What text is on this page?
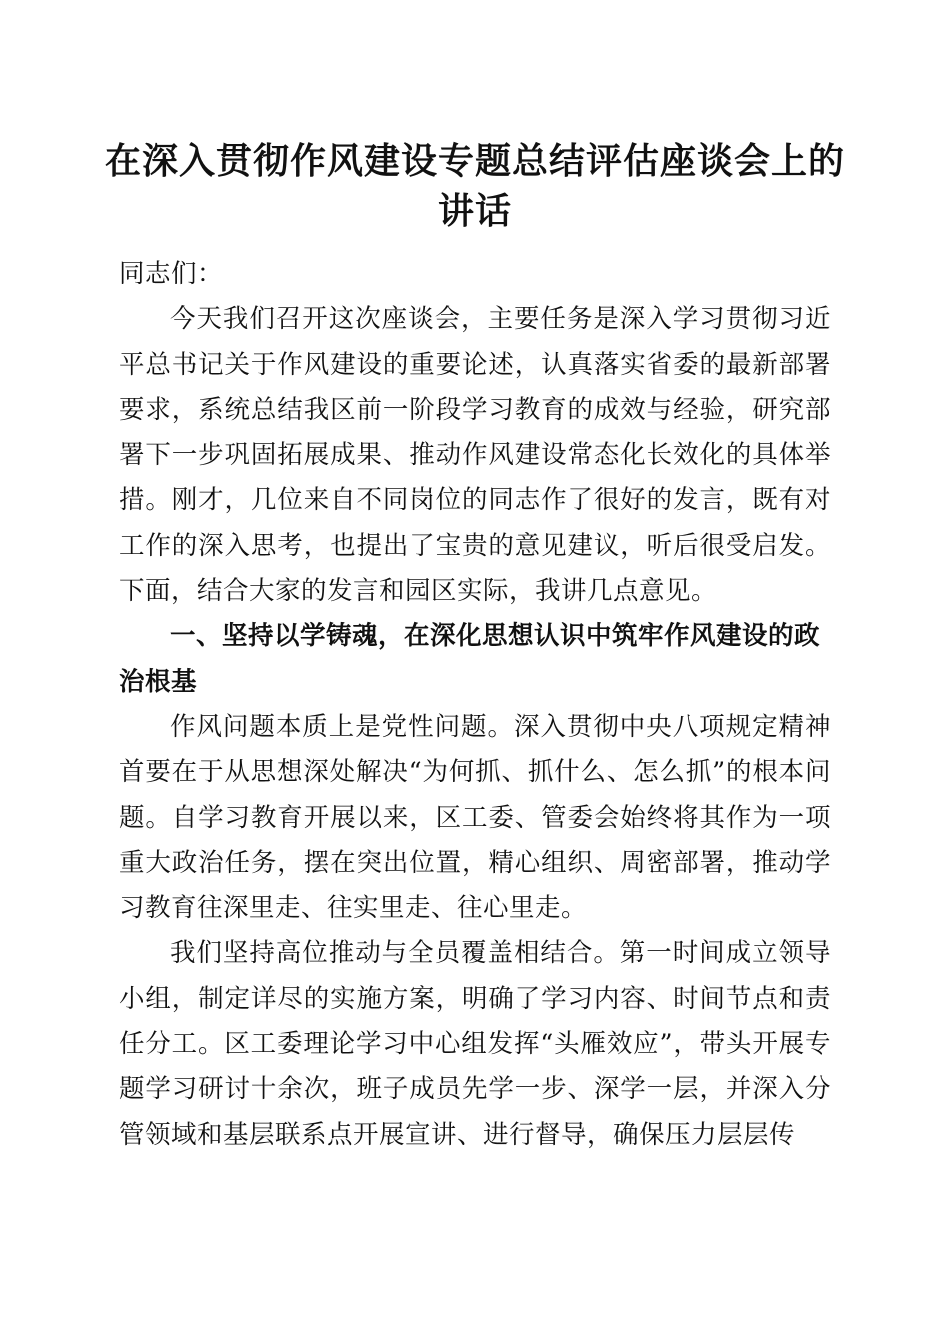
在深入贯彻作风建设专题总结评估座谈会上的
讲话

同志们：

今天我们召开这次座谈会，主要任务是深入学习贯彻习近平总书记关于作风建设的重要论述，认真落实省委的最新部署要求，系统总结我区前一阶段学习教育的成效与经验，研究部署下一步巩固拓展成果、推动作风建设常态化长效化的具体举措。刚才，几位来自不同岗位的同志作了很好的发言，既有对工作的深入思考，也提出了宝贵的意见建议，听后很受启发。下面，结合大家的发言和园区实际，我讲几点意见。

一、坚持以学铸魂，在深化思想认识中筑牢作风建设的政治根基

作风问题本质上是党性问题。深入贯彻中央八项规定精神首要在于从思想深处解决“为何抓、抓什么、怎么抓”的根本问题。自学习教育开展以来，区工委、管委会始终将其作为一项重大政治任务，摆在突出位置，精心组织、周密部署，推动学习教育往深里走、往实里走、往心里走。

我们坚持高位推动与全员覆盖相结合。第一时间成立领导小组，制定详尽的实施方案，明确了学习内容、时间节点和责任分工。区工委理论学习中心组发挥“头雁效应”，带头开展专题学习研讨十余次，班子成员先学一步、深学一层，并深入分管领域和基层联系点开展宣讲、进行督导，确保压力层层传
